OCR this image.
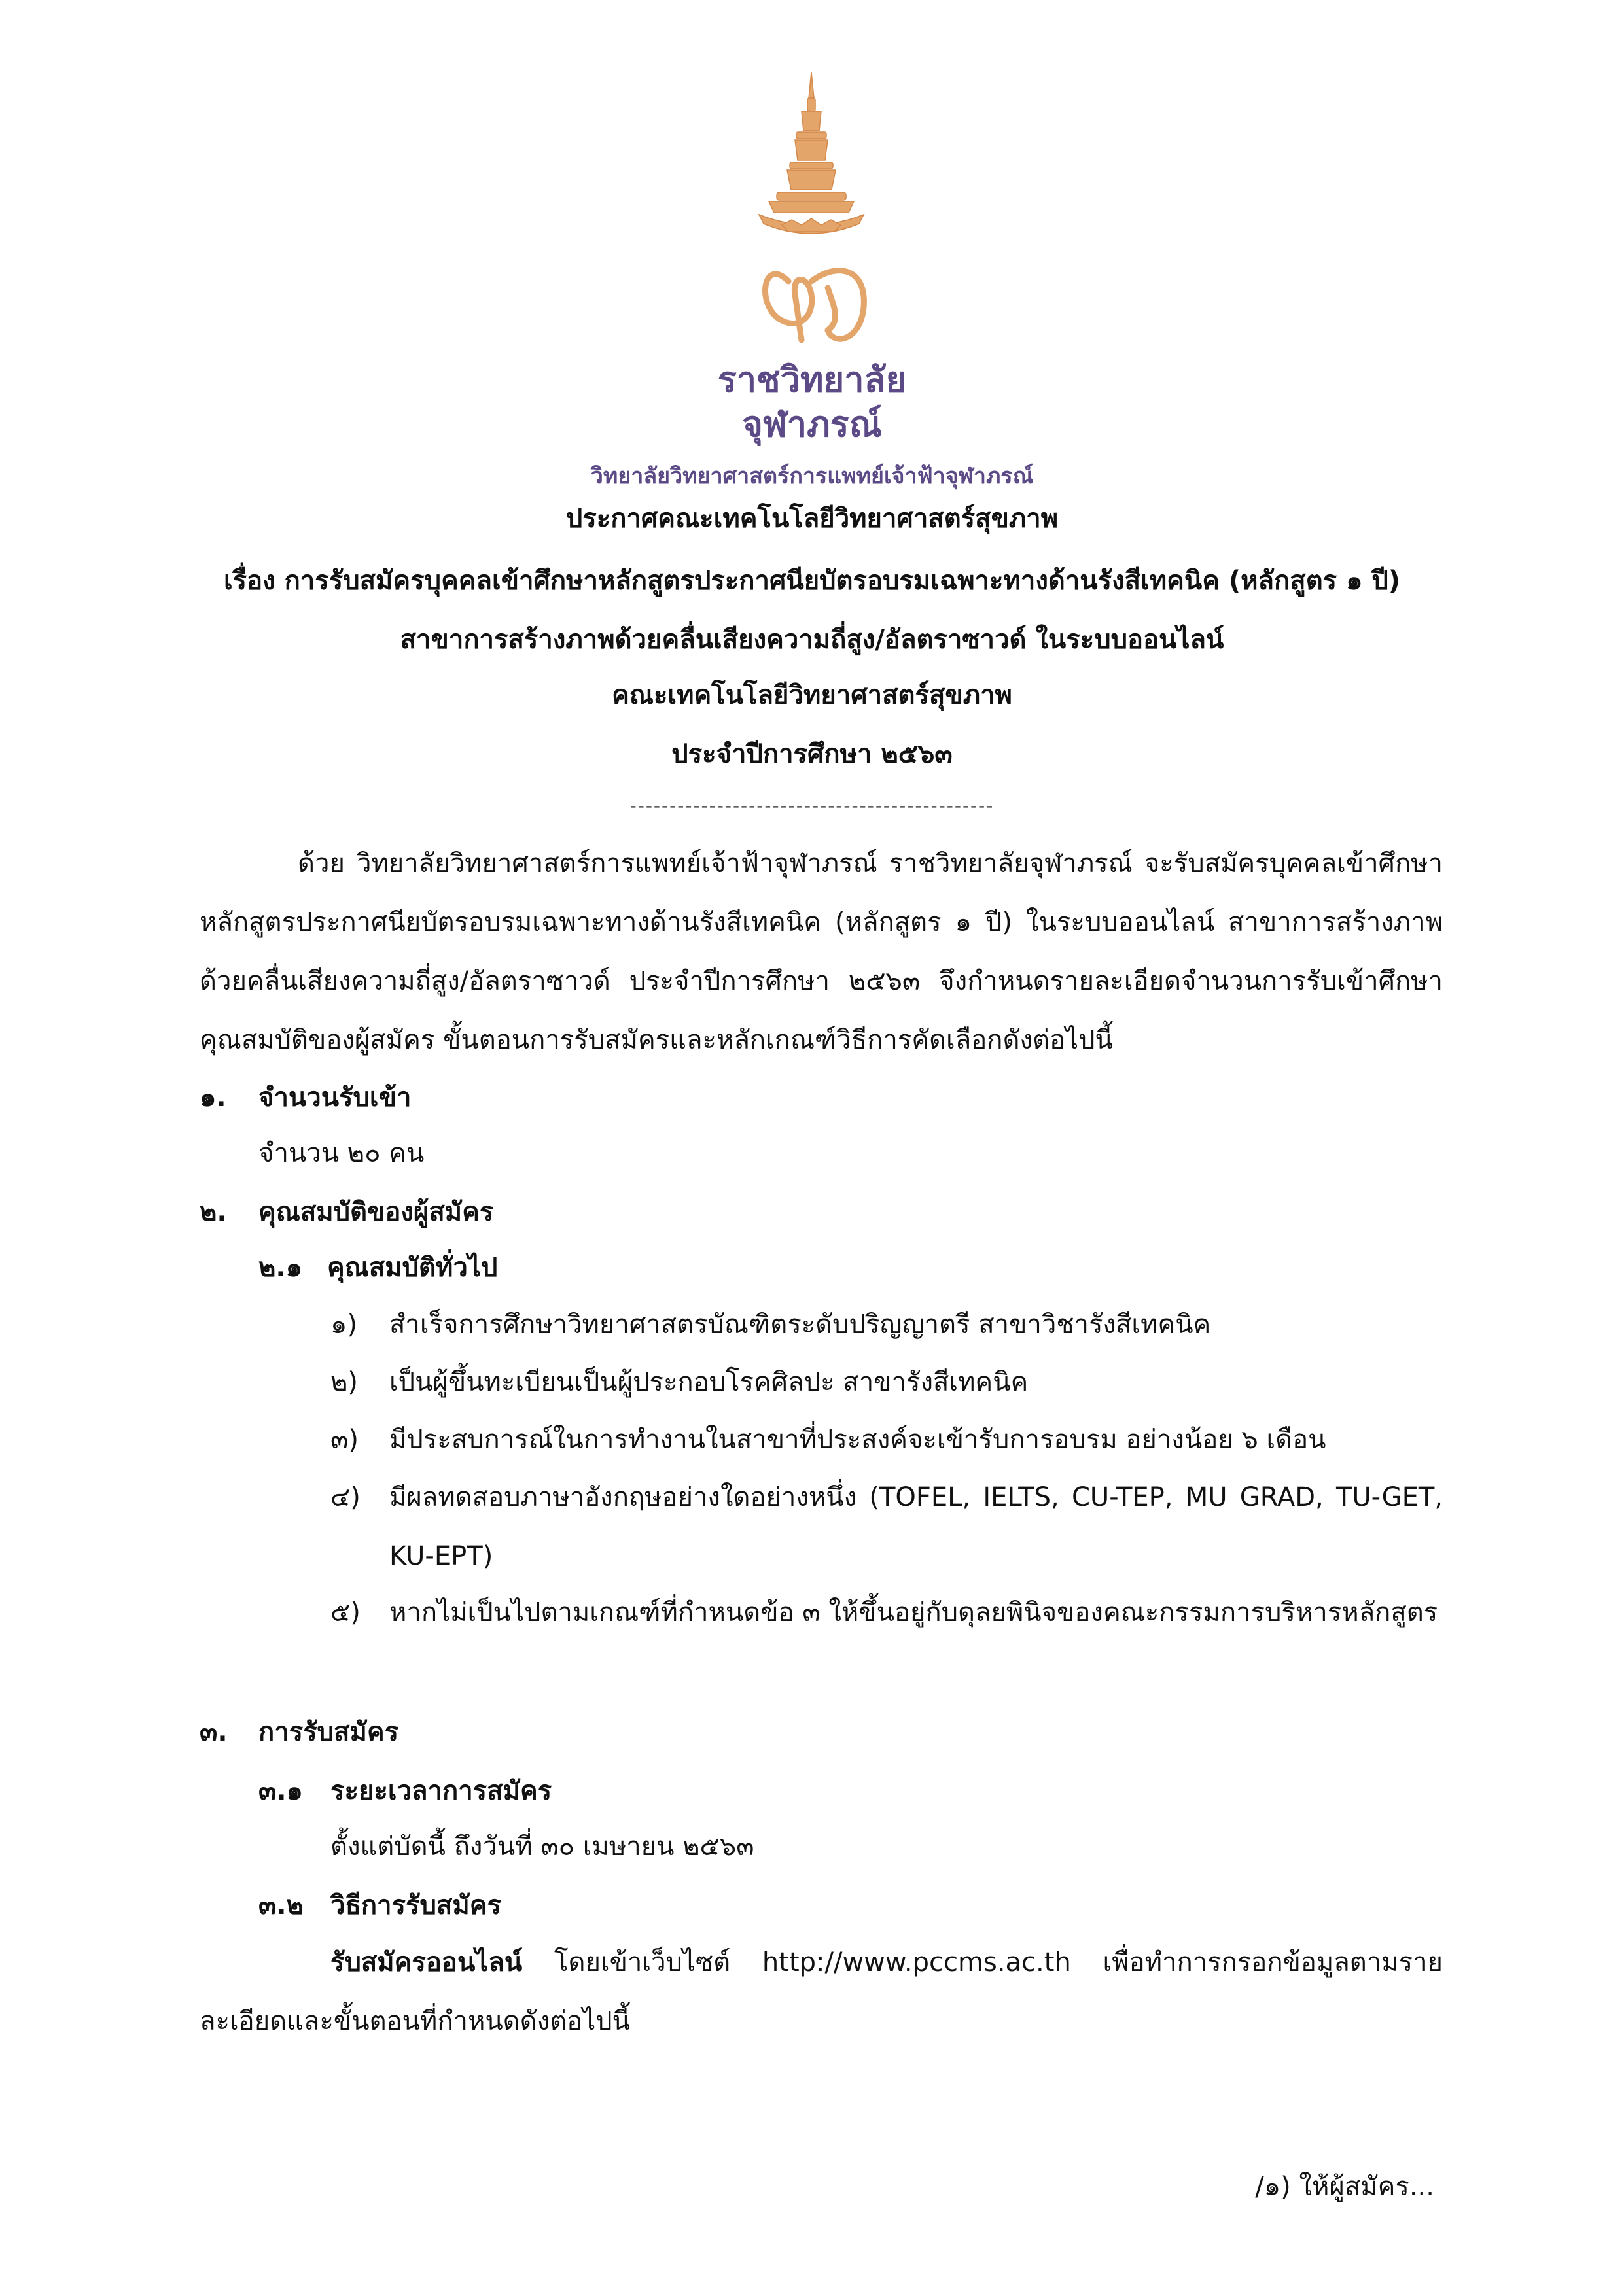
ราชวิทยาลัย
จุฬาภรณ์
วิทยาลัยวิทยาศาสตร์การแพทย์เจ้าฟ้าจุฬาภรณ์
ประกาศคณะเทคโนโลยีวิทยาศาสตร์สุขภาพ
เรื่อง การรับสมัครบุคคลเข้าศึกษาหลักสูตรประกาศนียบัตรอบรมเฉพาะทางด้านรังสีเทคนิค (หลักสูตร ๑ ปี)
สาขาการสร้างภาพด้วยคลื่นเสียงความถี่สูง/อัลตราซาวด์ ในระบบออนไลน์
คณะเทคโนโลยีวิทยาศาสตร์สุขภาพ
ประจำปีการศึกษา ๒๕๖๓
----------------------------------------------

ด้วย วิทยาลัยวิทยาศาสตร์การแพทย์เจ้าฟ้าจุฬาภรณ์ ราชวิทยาลัยจุฬาภรณ์ จะรับสมัครบุคคลเข้าศึกษาหลักสูตรประกาศนียบัตรอบรมเฉพาะทางด้านรังสีเทคนิค (หลักสูตร ๑ ปี) ในระบบออนไลน์ สาขาการสร้างภาพด้วยคลื่นเสียงความถี่สูง/อัลตราซาวด์ ประจำปีการศึกษา ๒๕๖๓ จึงกำหนดรายละเอียดจำนวนการรับเข้าศึกษา คุณสมบัติของผู้สมัคร ขั้นตอนการรับสมัครและหลักเกณฑ์วิธีการคัดเลือกดังต่อไปนี้

๑. จำนวนรับเข้า
จำนวน ๒๐ คน
๒. คุณสมบัติของผู้สมัคร
๒.๑ คุณสมบัติทั่วไป
๑) สำเร็จการศึกษาวิทยาศาสตรบัณฑิตระดับปริญญาตรี สาขาวิชารังสีเทคนิค
๒) เป็นผู้ขึ้นทะเบียนเป็นผู้ประกอบโรคศิลปะ สาขารังสีเทคนิค
๓) มีประสบการณ์ในการทำงานในสาขาที่ประสงค์จะเข้ารับการอบรม อย่างน้อย ๖ เดือน
๔) มีผลทดสอบภาษาอังกฤษอย่างใดอย่างหนึ่ง (TOFEL, IELTS, CU-TEP, MU GRAD, TU-GET, KU-EPT)
๕) หากไม่เป็นไปตามเกณฑ์ที่กำหนดข้อ ๓ ให้ขึ้นอยู่กับดุลยพินิจของคณะกรรมการบริหารหลักสูตร
๓. การรับสมัคร
๓.๑ ระยะเวลาการสมัคร
ตั้งแต่บัดนี้ ถึงวันที่ ๓๐ เมษายน ๒๕๖๓
๓.๒ วิธีการรับสมัคร

รับสมัครออนไลน์ โดยเข้าเว็บไซต์ http://www.pccms.ac.th เพื่อทำการกรอกข้อมูลตามรายละเอียดและขั้นตอนที่กำหนดดังต่อไปนี้

/๑) ให้ผู้สมัคร...
